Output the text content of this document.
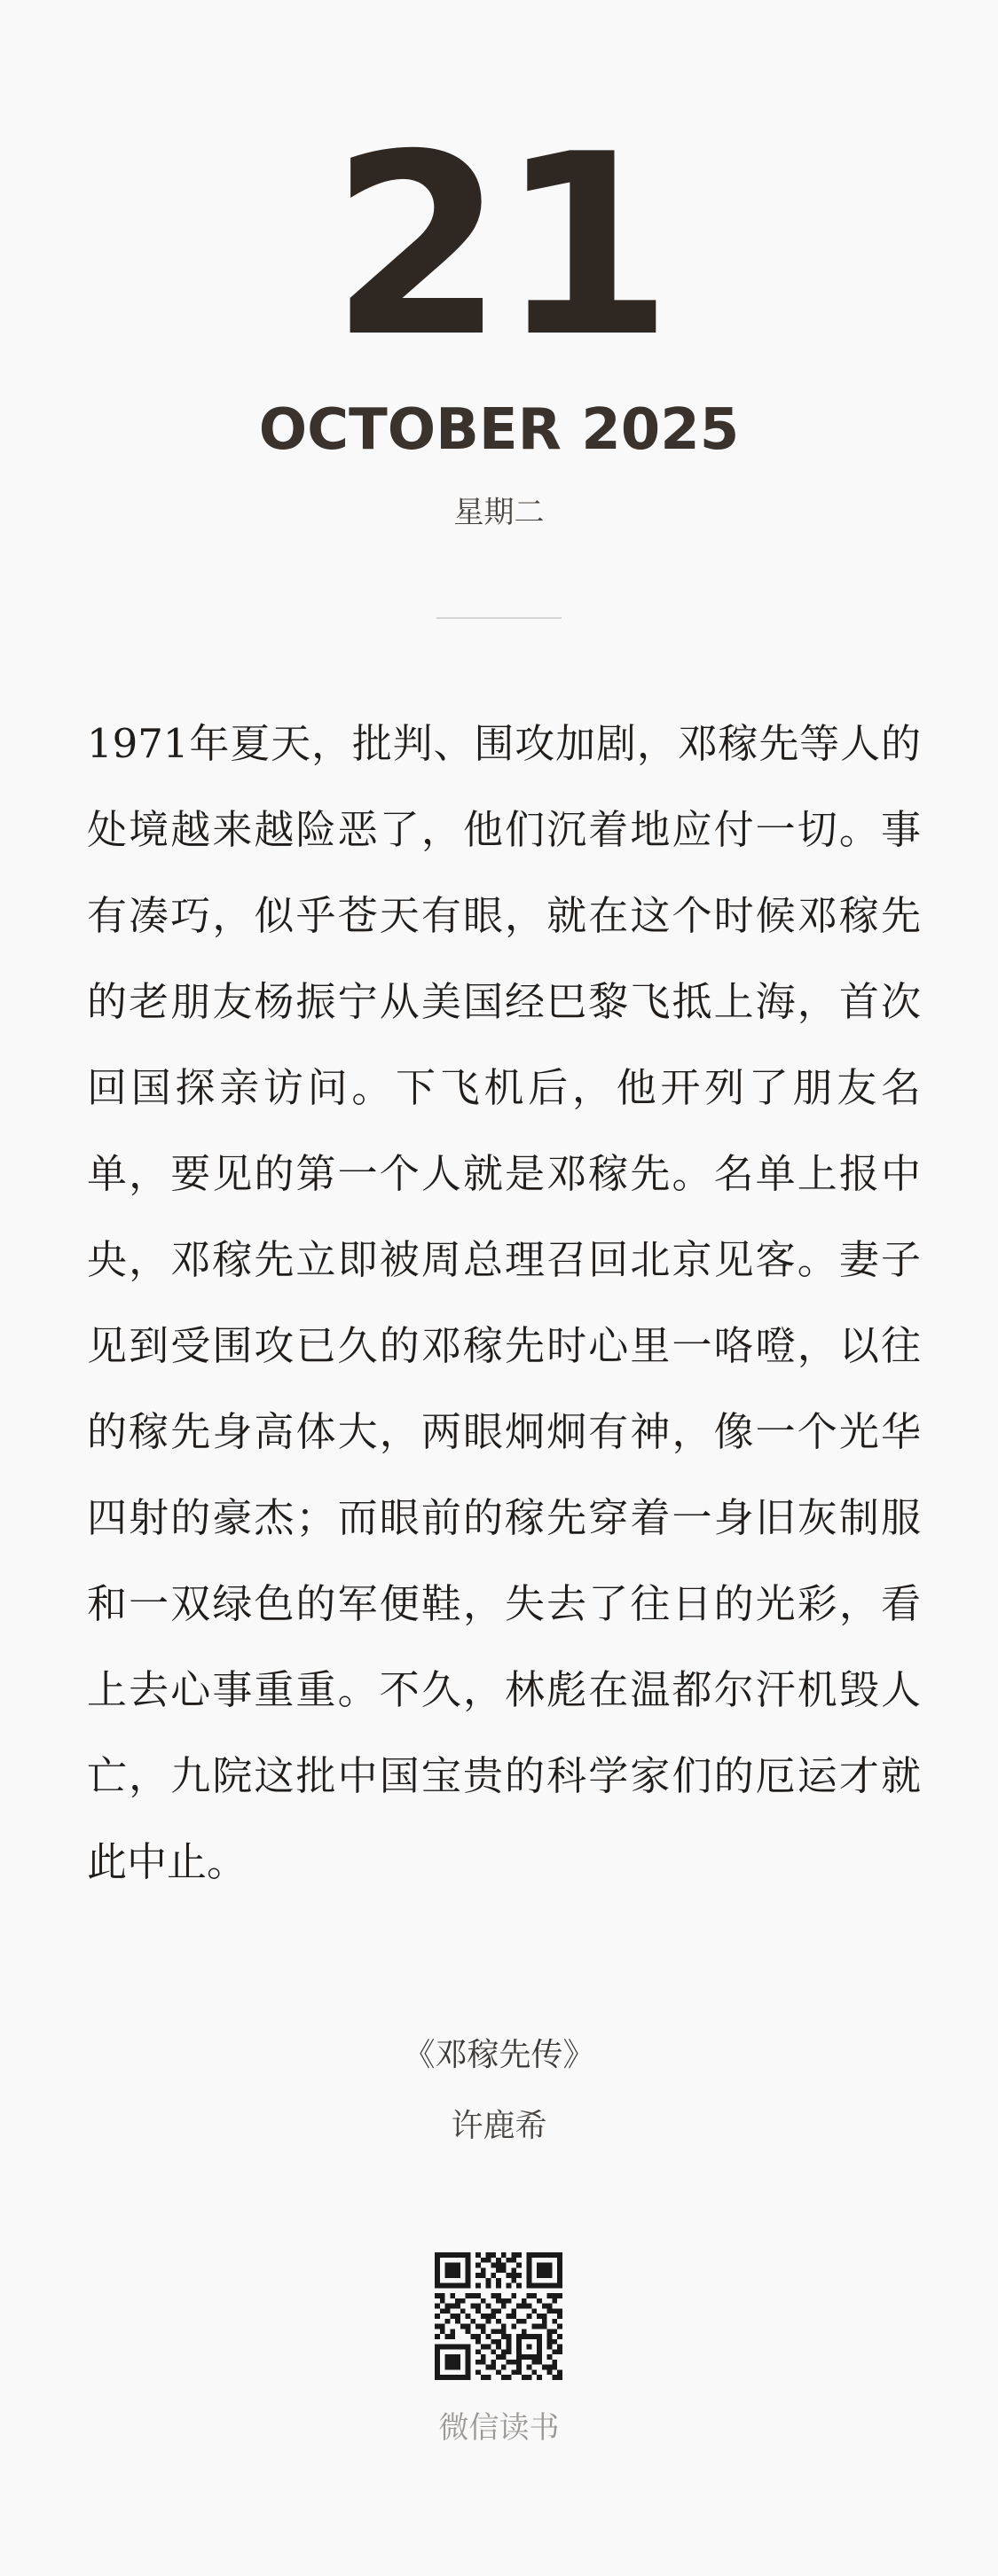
21
OCTOBER 2025
星期二

1971年夏天，批判、围攻加剧，邓稼先等人的处境越来越险恶了，他们沉着地应付一切。事有凑巧，似乎苍天有眼，就在这个时候邓稼先的老朋友杨振宁从美国经巴黎飞抵上海，首次回国探亲访问。下飞机后，他开列了朋友名单，要见的第一个人就是邓稼先。名单上报中央，邓稼先立即被周总理召回北京见客。妻子见到受围攻已久的邓稼先时心里一咯噔，以往的稼先身高体大，两眼炯炯有神，像一个光华四射的豪杰；而眼前的稼先穿着一身旧灰制服和一双绿色的军便鞋，失去了往日的光彩，看上去心事重重。不久，林彪在温都尔汗机毁人亡，九院这批中国宝贵的科学家们的厄运才就此中止。

《邓稼先传》
许鹿希
微信读书
